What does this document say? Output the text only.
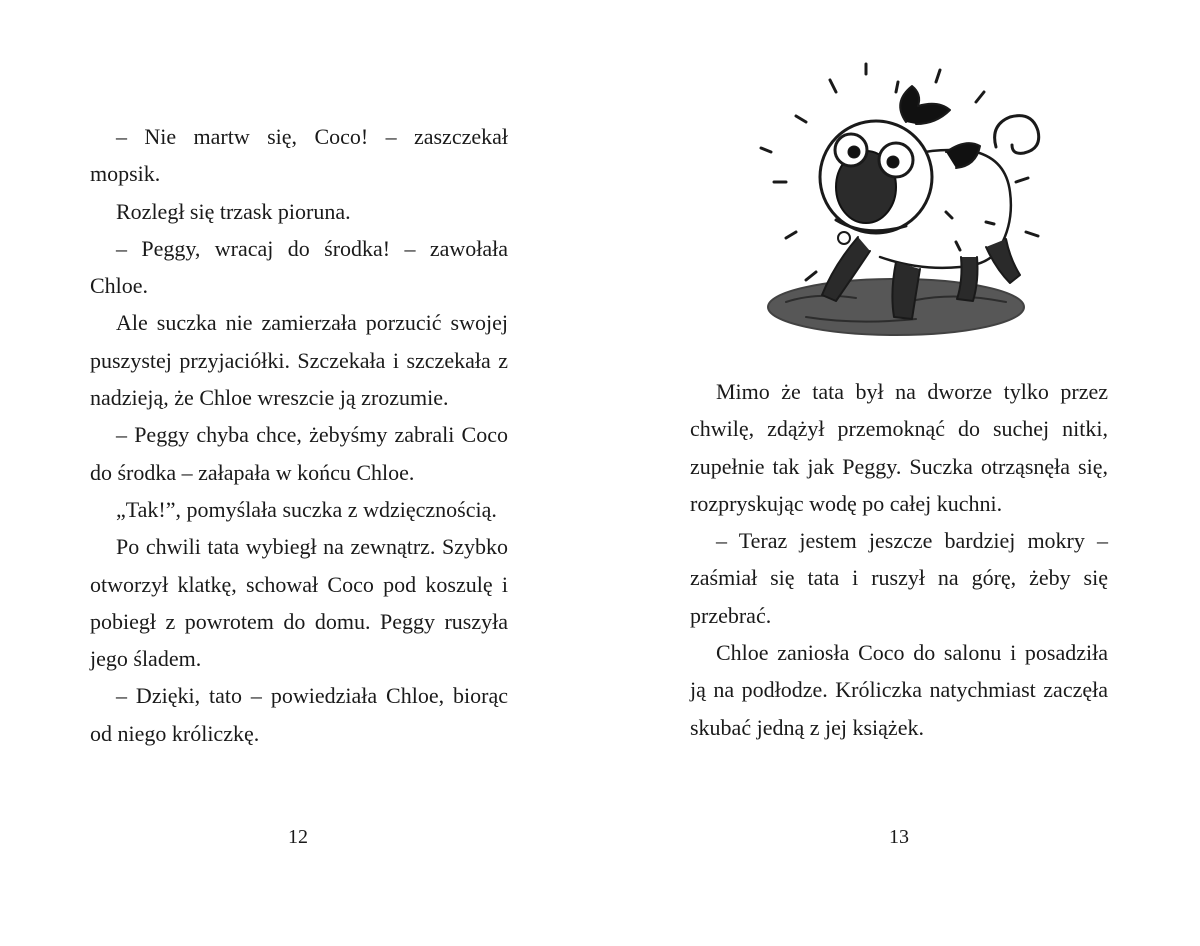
– Nie martw się, Coco! – zaszczekał mopsik.

Rozległ się trzask pioruna.

– Peggy, wracaj do środka! – zawołała Chloe.

Ale suczka nie zamierzała porzucić swojej puszystej przyjaciółki. Szczekała i szczekała z nadzieją, że Chloe wreszcie ją zrozumie.

– Peggy chyba chce, żebyśmy zabrali Coco do środka – załapała w końcu Chloe.

„Tak!”, pomyślała suczka z wdzięcznością.

Po chwili tata wybiegł na zewnątrz. Szybko otworzył klatkę, schował Coco pod koszulę i pobiegł z powrotem do domu. Peggy ruszyła jego śladem.

– Dzięki, tato – powiedziała Chloe, biorąc od niego króliczkę.

12

Mimo że tata był na dworze tylko przez chwilę, zdążył przemoknąć do suchej nitki, zupełnie tak jak Peggy. Suczka otrząsnęła się, rozpryskując wodę po całej kuchni.

– Teraz jestem jeszcze bardziej mokry – zaśmiał się tata i ruszył na górę, żeby się przebrać.

Chloe zaniosła Coco do salonu i posadziła ją na podłodze. Króliczka natychmiast zaczęła skubać jedną z jej książek.

13
